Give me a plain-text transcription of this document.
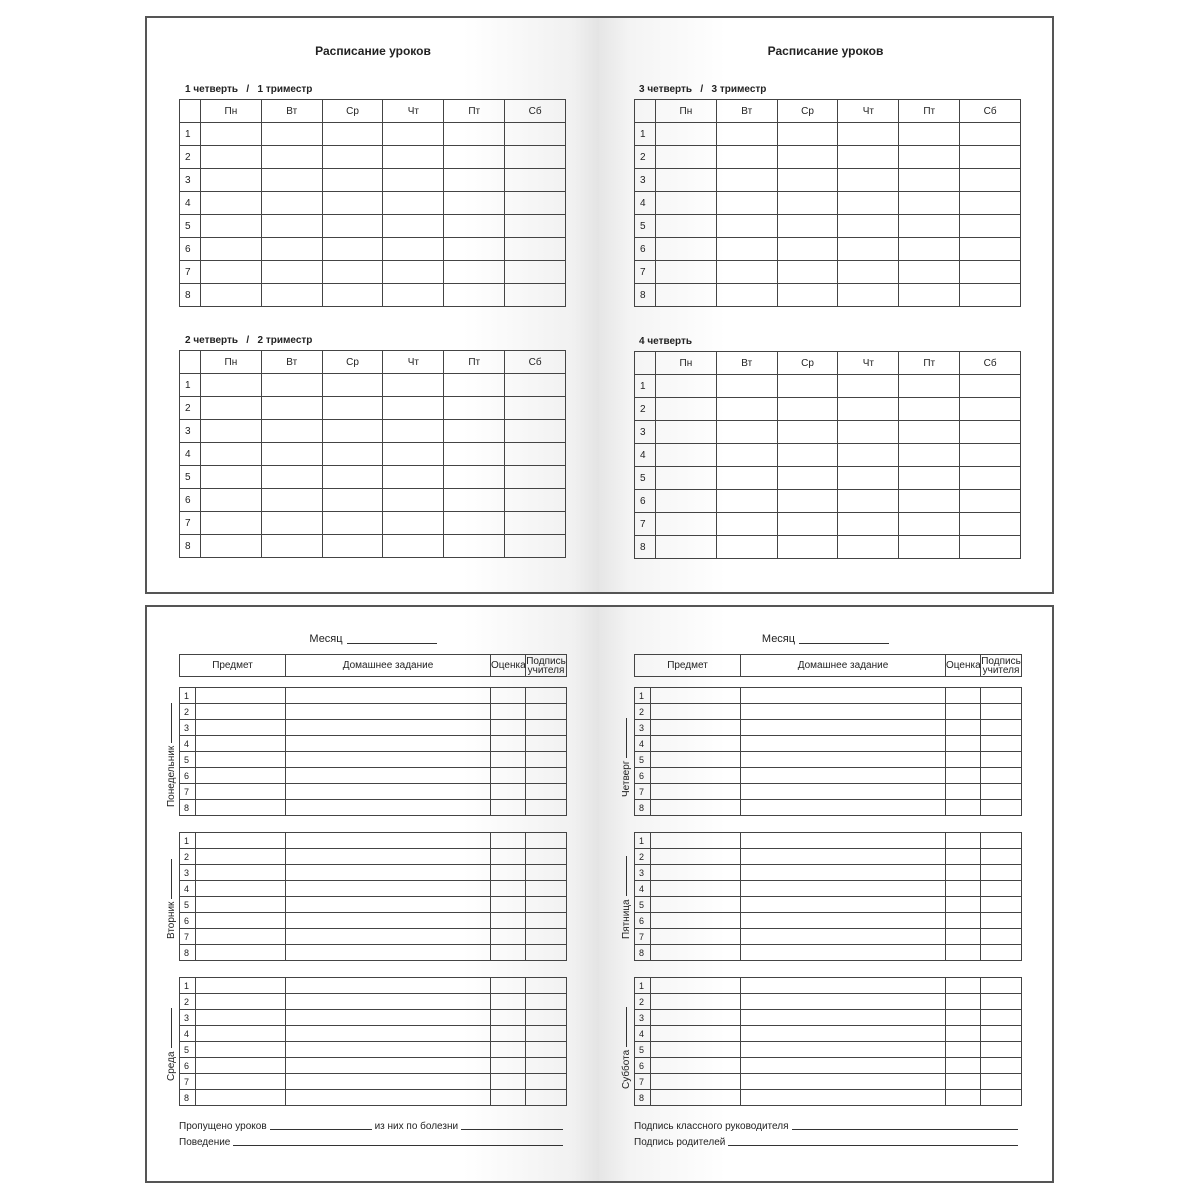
Расписание уроков
1 четверть   /   1 триместр
	Пн	Вт	Ср	Чт	Пт	Сб
1						
2						
3						
4						
5						
6						
7						
8						
2 четверть   /   2 триместр
	Пн	Вт	Ср	Чт	Пт	Сб
1						
2						
3						
4						
5						
6						
7						
8						
Расписание уроков
3 четверть   /   3 триместр
	Пн	Вт	Ср	Чт	Пт	Сб
1						
2						
3						
4						
5						
6						
7						
8						
4 четверть
	Пн	Вт	Ср	Чт	Пт	Сб
1						
2						
3						
4						
5						
6						
7						
8						
Месяц
Предмет	Домашнее задание	Оценка	Подпись учителя
Понедельник
1				
2				
3				
4				
5				
6				
7				
8				
Вторник
1				
2				
3				
4				
5				
6				
7				
8				
Среда
1				
2				
3				
4				
5				
6				
7				
8				
Пропущено уроков	из них по болезни
Поведение
Месяц
Предмет	Домашнее задание	Оценка	Подпись учителя
Четверг
1				
2				
3				
4				
5				
6				
7				
8				
Пятница
1				
2				
3				
4				
5				
6				
7				
8				
Суббота
1				
2				
3				
4				
5				
6				
7				
8				
Подпись классного руководителя
Подпись родителей
